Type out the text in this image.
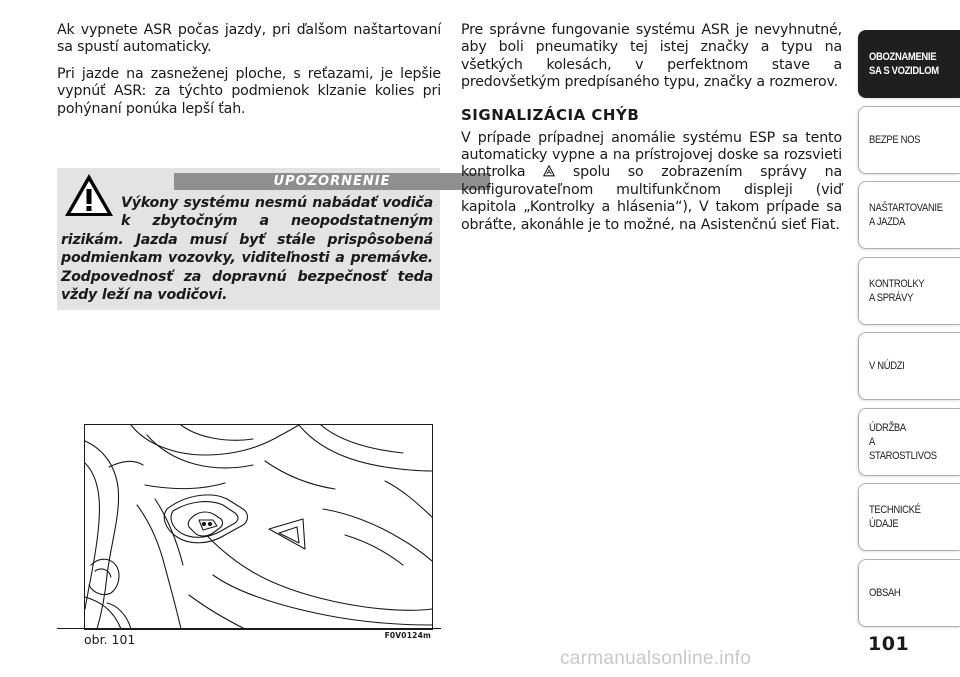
Ak vypnete ASR počas jazdy, pri ďalšom naštartovaní sa spustí automaticky.

Pri jazde na zasneženej ploche, s reťazami, je lepšie vypnúť ASR: za týchto podmienok klzanie kolies pri pohýnaní ponúka lepší ťah.

UPOZORNENIE
Výkony systému nesmú nabádať vodiča k zbytočným a neopodstatneným rizikám. Jazda musí byť stále prispôsobená podmienkam vozovky, viditeľnosti a premávke. Zodpovednosť za dopravnú bezpečnosť teda vždy leží na vodičovi.
obr. 101	F0V0124m

Pre správne fungovanie systému ASR je nevyhnutné, aby boli pneumatiky tej istej značky a typu na všetkých kolesách, v perfektnom stave a predovšetkým predpísaného typu, značky a rozmerov.

SIGNALIZÁCIA CHÝB

V prípade prípadnej anomálie systému ESP sa tento automaticky vypne a na prístrojovej doske sa rozsvieti kontrolka	spolu so zobrazením správy na konfigurovateľnom multifunkčnom displeji (viď kapitola „Kontrolky a hlásenia“), V takom prípade sa obráťte, akonáhle je to možné, na Asistenčnú sieť Fiat.

OBOZNAMENIE
SA S VOZIDLOM
BEZPE NOS
NAŠTARTOVANIE
A JAZDA
KONTROLKY
A SPRÁVY
V NÚDZI
ÚDRŽBA
A STAROSTLIVOS
TECHNICKÉ
ÚDAJE
OBSAH
101
carmanualsonline.info
